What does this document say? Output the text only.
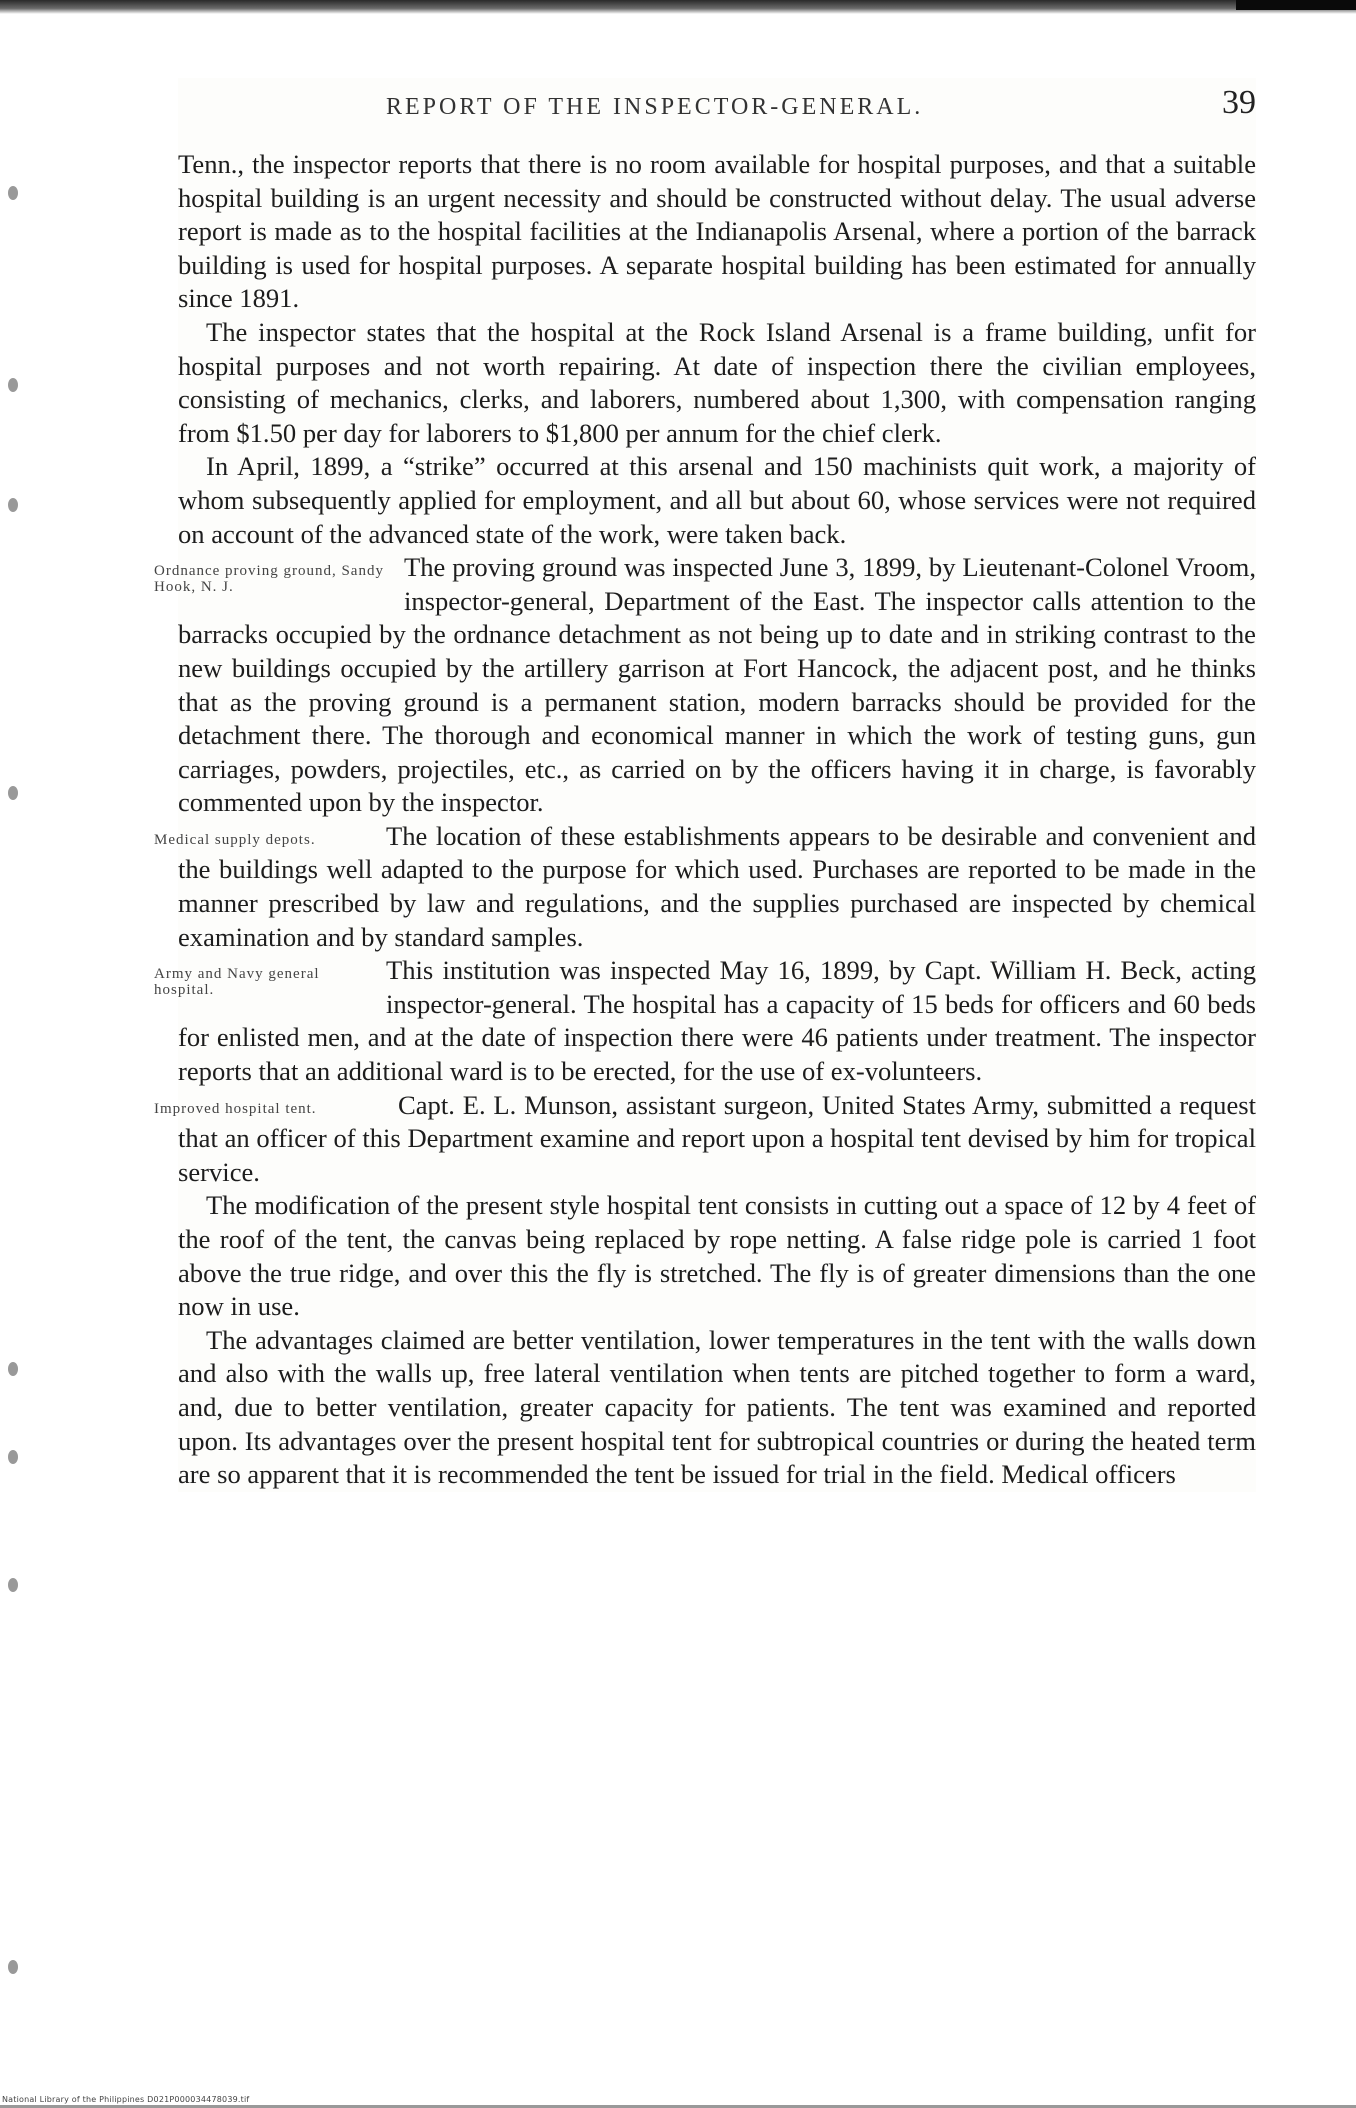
REPORT OF THE INSPECTOR-GENERAL.	39

Tenn., the inspector reports that there is no room available for hospital purposes, and that a suitable hospital building is an urgent necessity and should be constructed without delay. The usual adverse report is made as to the hospital facilities at the Indianapolis Arsenal, where a portion of the barrack building is used for hospital purposes. A separate hospital building has been estimated for annually since 1891.

The inspector states that the hospital at the Rock Island Arsenal is a frame building, unfit for hospital purposes and not worth repairing. At date of inspection there the civilian employees, consisting of mechanics, clerks, and laborers, numbered about 1,300, with compensation ranging from $1.50 per day for laborers to $1,800 per annum for the chief clerk.

In April, 1899, a “strike” occurred at this arsenal and 150 machinists quit work, a majority of whom subsequently applied for employment, and all but about 60, whose services were not required on account of the advanced state of the work, were taken back.

Ordnance proving ground, Sandy Hook, N. J.

The proving ground was inspected June 3, 1899, by Lieutenant-Colonel Vroom, inspector-general, Department of the East. The inspector calls attention to the barracks occupied by the ordnance detachment as not being up to date and in striking contrast to the new buildings occupied by the artillery garrison at Fort Hancock, the adjacent post, and he thinks that as the proving ground is a permanent station, modern barracks should be provided for the detachment there. The thorough and economical manner in which the work of testing guns, gun carriages, powders, projectiles, etc., as carried on by the officers having it in charge, is favorably commented upon by the inspector.

Medical supply depots.	The location of these establishments appears to be desirable and convenient and the buildings well adapted to the purpose for which used. Purchases are reported to be made in the manner prescribed by law and regulations, and the supplies purchased are inspected by chemical examination and by standard samples.

Army and Navy general hospital.

This institution was inspected May 16, 1899, by Capt. William H. Beck, acting inspector-general. The hospital has a capacity of 15 beds for officers and 60 beds for enlisted men, and at the date of inspection there were 46 patients under treatment. The inspector reports that an additional ward is to be erected, for the use of ex-volunteers.

Improved hospital tent.	Capt. E. L. Munson, assistant surgeon, United States Army, submitted a request that an officer of this Department examine and report upon a hospital tent devised by him for tropical service.

The modification of the present style hospital tent consists in cutting out a space of 12 by 4 feet of the roof of the tent, the canvas being replaced by rope netting. A false ridge pole is carried 1 foot above the true ridge, and over this the fly is stretched. The fly is of greater dimensions than the one now in use.

The advantages claimed are better ventilation, lower temperatures in the tent with the walls down and also with the walls up, free lateral ventilation when tents are pitched together to form a ward, and, due to better ventilation, greater capacity for patients. The tent was examined and reported upon. Its advantages over the present hospital tent for subtropical countries or during the heated term are so apparent that it is recommended the tent be issued for trial in the field. Medical officers

National Library of the Philippines D021P000034478039.tif
